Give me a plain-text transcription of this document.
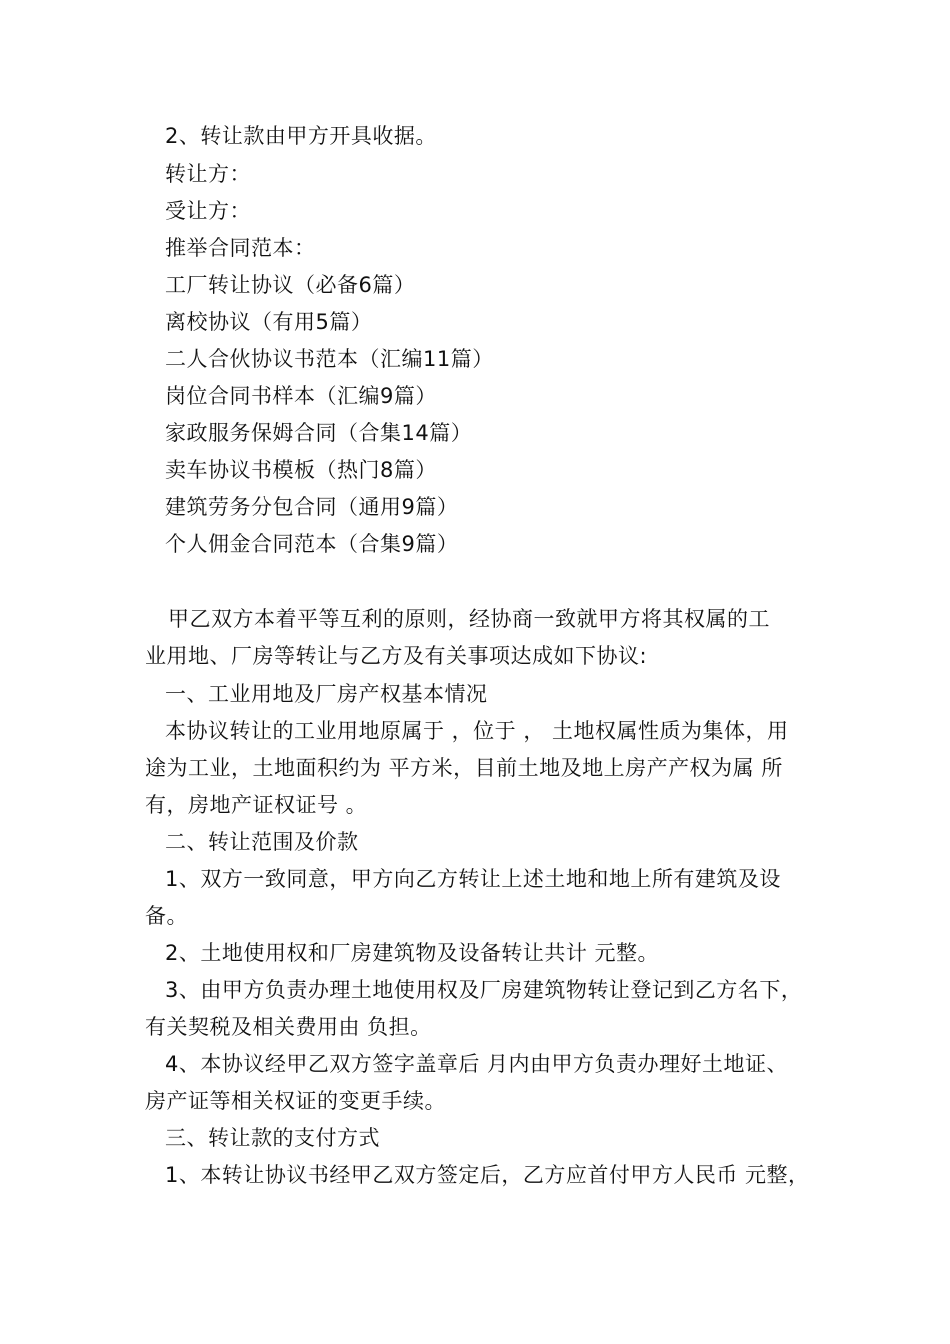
2、转让款由甲方开具收据。
转让方：
受让方：
推举合同范本：
工厂转让协议（必备6篇）
离校协议（有用5篇）
二人合伙协议书范本（汇编11篇）
岗位合同书样本（汇编9篇）
家政服务保姆合同（合集14篇）
卖车协议书模板（热门8篇）
建筑劳务分包合同（通用9篇）
个人佣金合同范本（合集9篇）
甲乙双方本着平等互利的原则，经协商一致就甲方将其权属的工
业用地、厂房等转让与乙方及有关事项达成如下协议:
一、工业用地及厂房产权基本情况
本协议转让的工业用地原属于 ，位于 ， 土地权属性质为集体，用
途为工业，土地面积约为 平方米，目前土地及地上房产产权为属 所
有，房地产证权证号 。
二、转让范围及价款
1、双方一致同意，甲方向乙方转让上述土地和地上所有建筑及设
备。
2、土地使用权和厂房建筑物及设备转让共计 元整。
3、由甲方负责办理土地使用权及厂房建筑物转让登记到乙方名下，
有关契税及相关费用由 负担。
4、本协议经甲乙双方签字盖章后 月内由甲方负责办理好土地证、
房产证等相关权证的变更手续。
三、转让款的支付方式
1、本转让协议书经甲乙双方签定后，乙方应首付甲方人民币 元整，
